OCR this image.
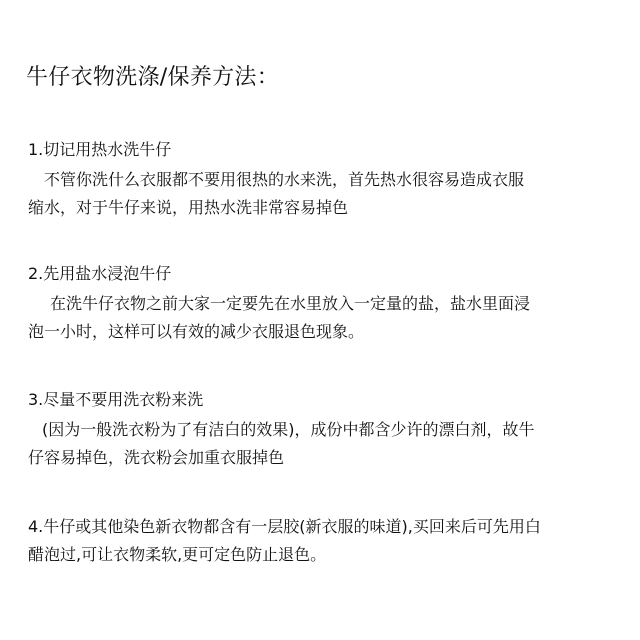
牛仔衣物洗涤/保养方法：
1.切记用热水洗牛仔
不管你洗什么衣服都不要用很热的水来洗，首先热水很容易造成衣服
缩水，对于牛仔来说，用热水洗非常容易掉色
2.先用盐水浸泡牛仔
在洗牛仔衣物之前大家一定要先在水里放入一定量的盐，盐水里面浸
泡一小时，这样可以有效的减少衣服退色现象。
3.尽量不要用洗衣粉来洗
(因为一般洗衣粉为了有洁白的效果)，成份中都含少许的漂白剂，故牛
仔容易掉色，洗衣粉会加重衣服掉色
4.牛仔或其他染色新衣物都含有一层胶(新衣服的味道),买回来后可先用白
醋泡过,可让衣物柔软,更可定色防止退色。
